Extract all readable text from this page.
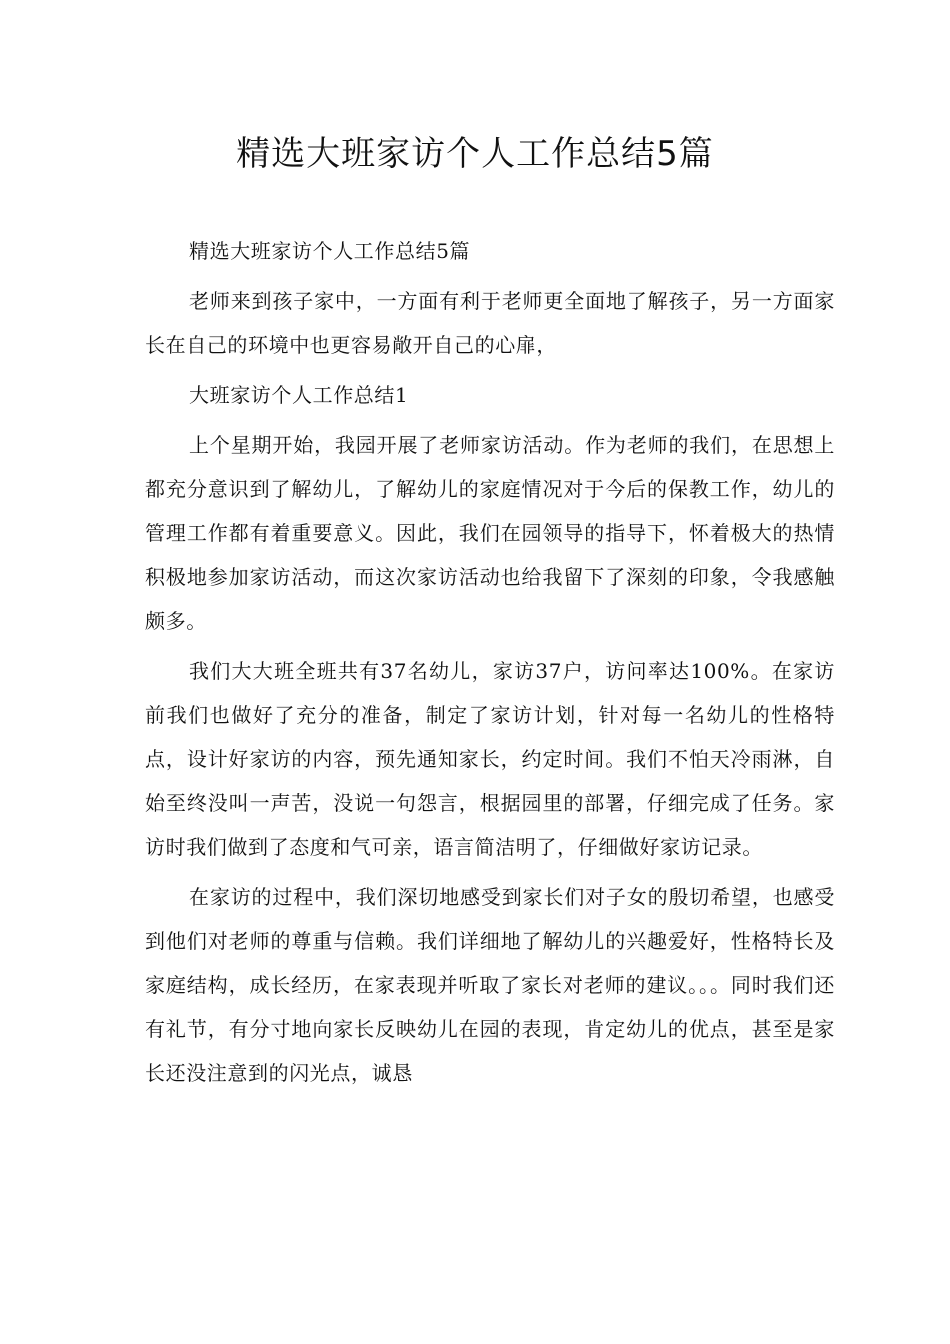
精选大班家访个人工作总结5篇

精选大班家访个人工作总结5篇

老师来到孩子家中，一方面有利于老师更全面地了解孩子，另一方面家长在自己的环境中也更容易敞开自己的心扉，

大班家访个人工作总结1

上个星期开始，我园开展了老师家访活动。作为老师的我们，在思想上都充分意识到了解幼儿，了解幼儿的家庭情况对于今后的保教工作，幼儿的管理工作都有着重要意义。因此，我们在园领导的指导下，怀着极大的热情积极地参加家访活动，而这次家访活动也给我留下了深刻的印象，令我感触颇多。

我们大大班全班共有37名幼儿，家访37户，访问率达100%。在家访前我们也做好了充分的准备，制定了家访计划，针对每一名幼儿的性格特点，设计好家访的内容，预先通知家长，约定时间。我们不怕天冷雨淋，自始至终没叫一声苦，没说一句怨言，根据园里的部署，仔细完成了任务。家访时我们做到了态度和气可亲，语言简洁明了，仔细做好家访记录。

在家访的过程中，我们深切地感受到家长们对子女的殷切希望，也感受到他们对老师的尊重与信赖。我们详细地了解幼儿的兴趣爱好，性格特长及家庭结构，成长经历，在家表现并听取了家长对老师的建议。。。同时我们还有礼节，有分寸地向家长反映幼儿在园的表现，肯定幼儿的优点，甚至是家长还没注意到的闪光点，诚恳
